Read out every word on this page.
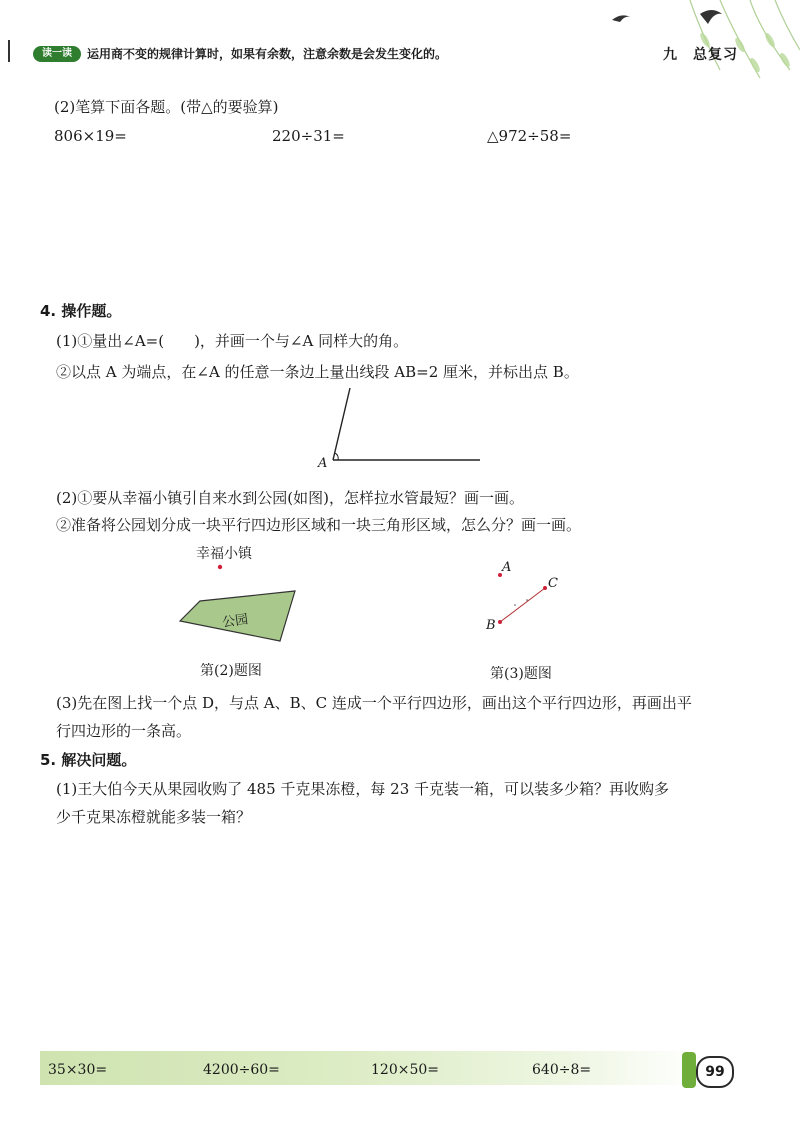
读一读	运用商不变的规律计算时，如果有余数，注意余数是会发生变化的。	九　总复习
(2)笔算下面各题。(带△的要验算)
806×19=	220÷31=	△972÷58=
4. 操作题。
(1)①量出∠A=(　　)，并画一个与∠A 同样大的角。
②以点 A 为端点，在∠A 的任意一条边上量出线段 AB=2 厘米，并标出点 B。
A
(2)①要从幸福小镇引自来水到公园(如图)，怎样拉水管最短？画一画。
②准备将公园划分成一块平行四边形区域和一块三角形区域，怎么分？画一画。
幸福小镇
公园
第(2)题图
A
C
B
第(3)题图
(3)先在图上找一个点 D，与点 A、B、C 连成一个平行四边形，画出这个平行四边形，再画出平
行四边形的一条高。
5. 解决问题。
(1)王大伯今天从果园收购了 485 千克果冻橙，每 23 千克装一箱，可以装多少箱？再收购多
少千克果冻橙就能多装一箱？
35×30=	4200÷60=	120×50=	640÷8=	99
